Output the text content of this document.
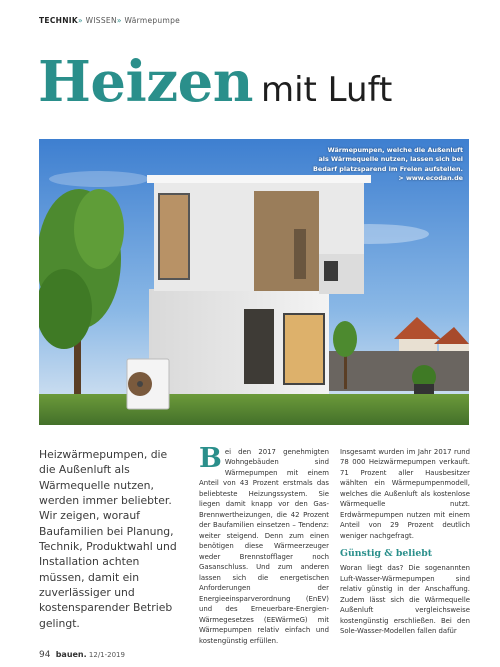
TECHNIK» WISSEN» Wärmepumpe
Heizen mit Luft
Wärmepumpen, welche die Außenluft
als Wärmequelle nutzen, lassen sich bei
Bedarf platzsparend im Freien aufstellen.
> www.ecodan.de
Heizwärmepumpen, die die Außenluft als Wärmequelle nutzen, werden immer beliebter. Wir zeigen, worauf Baufamilien bei Planung, Technik, Produktwahl und Installation achten müssen, damit ein zuverlässiger und kostensparender Betrieb gelingt.
Bei den 2017 genehmigten Wohngebäuden sind Wärmepumpen mit einem Anteil von 43 Prozent erstmals das beliebteste Heizungssystem. Sie liegen damit knapp vor den Gas-Brennwertheizungen, die 42 Prozent der Baufamilien einsetzen – Tendenz: weiter steigend. Denn zum einen benötigen diese Wärmeerzeuger weder Brennstofflager noch Gasanschluss. Und zum anderen lassen sich die energetischen Anforderungen der Energieeinsparverordnung (EnEV) und des Erneuerbare-Energien-Wärmegesetzes (EEWärmeG) mit Wärmepumpen relativ einfach und kostengünstig erfüllen.
Insgesamt wurden im Jahr 2017 rund 78 000 Heizwärmepumpen verkauft. 71 Prozent aller Hausbesitzer wählten ein Wärmepumpenmodell, welches die Außenluft als kostenlose Wärmequelle nutzt. Erdwärmepumpen nutzen mit einem Anteil von 29 Prozent deutlich weniger nachgefragt.
Günstig & beliebt
Woran liegt das? Die sogenannten Luft-Wasser-Wärmepumpen sind relativ günstig in der Anschaffung. Zudem lässt sich die Wärmequelle Außenluft vergleichsweise kostengünstig erschließen. Bei den Sole-Wasser-Modellen fallen dafür
94 bauen. 12/1-2019
